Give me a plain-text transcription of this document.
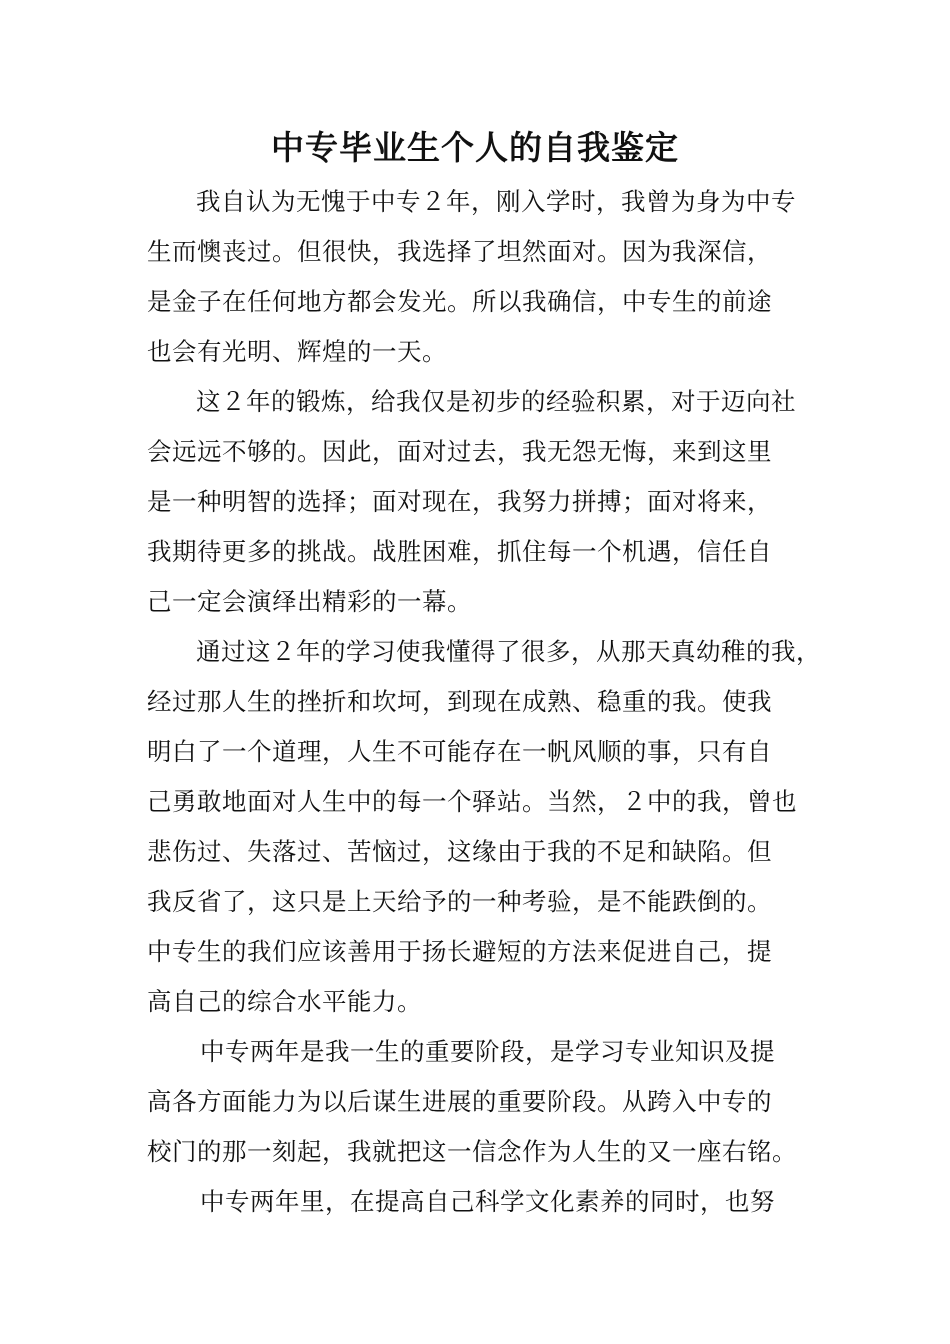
中专毕业生个人的自我鉴定

我自认为无愧于中专２年，刚入学时，我曾为身为中专

生而懊丧过。但很快，我选择了坦然面对。因为我深信，

是金子在任何地方都会发光。所以我确信，中专生的前途

也会有光明、辉煌的一天。

这２年的锻炼，给我仅是初步的经验积累，对于迈向社

会远远不够的。因此，面对过去，我无怨无悔，来到这里

是一种明智的选择；面对现在，我努力拼搏；面对将来，

我期待更多的挑战。战胜困难，抓住每一个机遇，信任自

己一定会演绎出精彩的一幕。

通过这２年的学习使我懂得了很多，从那天真幼稚的我，

经过那人生的挫折和坎坷，到现在成熟、稳重的我。使我

明白了一个道理，人生不可能存在一帆风顺的事，只有自

己勇敢地面对人生中的每一个驿站。当然，２中的我，曾也

悲伤过、失落过、苦恼过，这缘由于我的不足和缺陷。但

我反省了，这只是上天给予的一种考验，是不能跌倒的。

中专生的我们应该善用于扬长避短的方法来促进自己，提

高自己的综合水平能力。

中专两年是我一生的重要阶段，是学习专业知识及提

高各方面能力为以后谋生进展的重要阶段。从跨入中专的

校门的那一刻起，我就把这一信念作为人生的又一座右铭。

中专两年里，在提高自己科学文化素养的同时，也努
